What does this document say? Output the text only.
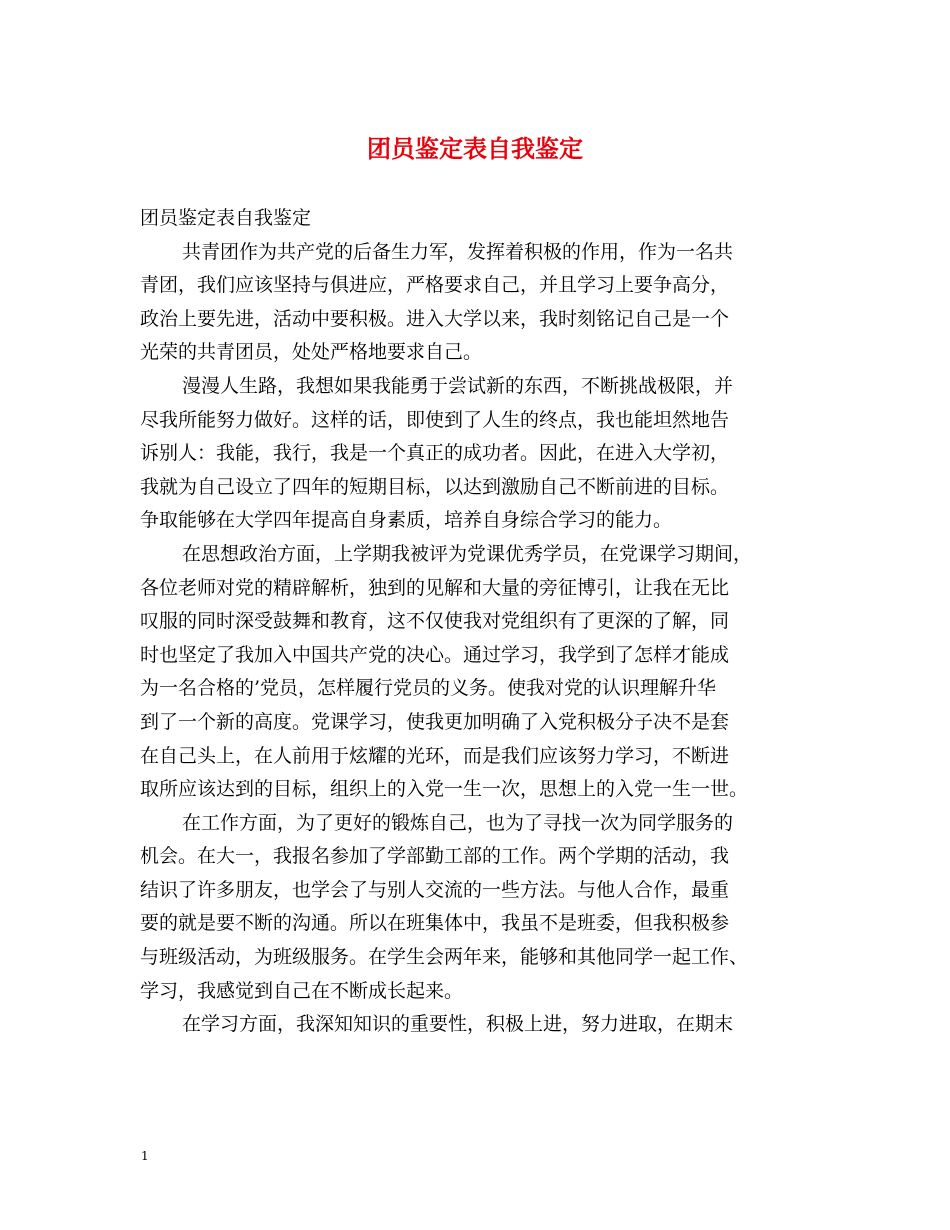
团员鉴定表自我鉴定

团员鉴定表自我鉴定

共青团作为共产党的后备生力军，发挥着积极的作用，作为一名共
青团，我们应该坚持与俱进应，严格要求自己，并且学习上要争高分，
政治上要先进，活动中要积极。进入大学以来，我时刻铭记自己是一个
光荣的共青团员，处处严格地要求自己。

漫漫人生路，我想如果我能勇于尝试新的东西，不断挑战极限，并
尽我所能努力做好。这样的话，即使到了人生的终点，我也能坦然地告
诉别人：我能，我行，我是一个真正的成功者。因此，在进入大学初，
我就为自己设立了四年的短期目标，以达到激励自己不断前进的目标。
争取能够在大学四年提高自身素质，培养自身综合学习的能力。

在思想政治方面，上学期我被评为党课优秀学员，在党课学习期间，
各位老师对党的精辟解析，独到的见解和大量的旁征博引，让我在无比
叹服的同时深受鼓舞和教育，这不仅使我对党组织有了更深的了解，同
时也坚定了我加入中国共产党的决心。通过学习，我学到了怎样才能成
为一名合格的’党员，怎样履行党员的义务。使我对党的认识理解升华
到了一个新的高度。党课学习，使我更加明确了入党积极分子决不是套
在自己头上，在人前用于炫耀的光环，而是我们应该努力学习，不断进
取所应该达到的目标，组织上的入党一生一次，思想上的入党一生一世。

在工作方面，为了更好的锻炼自己，也为了寻找一次为同学服务的
机会。在大一，我报名参加了学部勤工部的工作。两个学期的活动，我
结识了许多朋友，也学会了与别人交流的一些方法。与他人合作，最重
要的就是要不断的沟通。所以在班集体中，我虽不是班委，但我积极参
与班级活动，为班级服务。在学生会两年来，能够和其他同学一起工作、
学习，我感觉到自己在不断成长起来。

在学习方面，我深知知识的重要性，积极上进，努力进取，在期末

1
